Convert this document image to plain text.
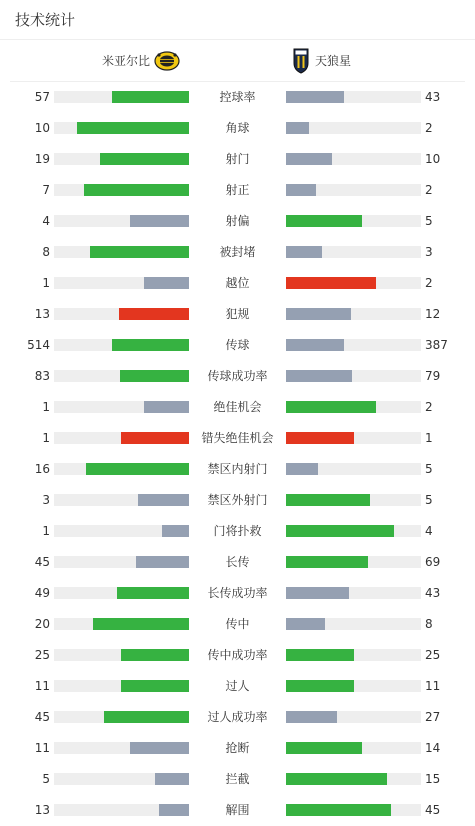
技术统计
米亚尔比	天狼星
57	控球率	43
10	角球	2
19	射门	10
7	射正	2
4	射偏	5
8	被封堵	3
1	越位	2
13	犯规	12
514	传球	387
83	传球成功率	79
1	绝佳机会	2
1	错失绝佳机会	1
16	禁区内射门	5
3	禁区外射门	5
1	门将扑救	4
45	长传	69
49	长传成功率	43
20	传中	8
25	传中成功率	25
11	过人	11
45	过人成功率	27
11	抢断	14
5	拦截	15
13	解围	45
